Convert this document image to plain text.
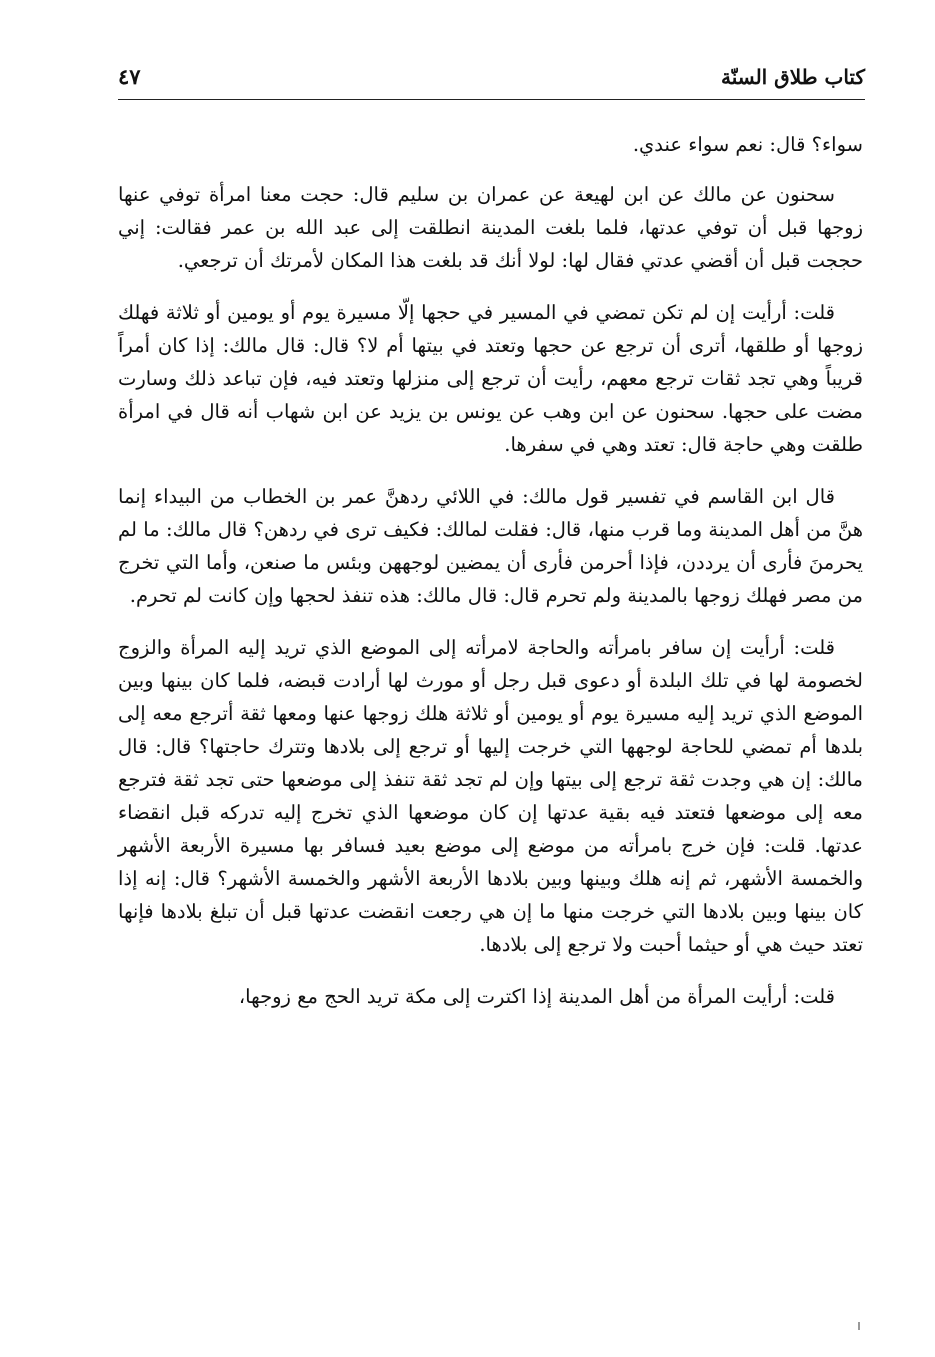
كتاب طلاق السنّة
٤٧

سواء؟ قال: نعم سواء عندي.

سحنون عن مالك عن ابن لهيعة عن عمران بن سليم قال: حجت معنا امرأة توفي عنها زوجها قبل أن توفي عدتها، فلما بلغت المدينة انطلقت إلى عبد الله بن عمر فقالت: إني حججت قبل أن أقضي عدتي فقال لها: لولا أنك قد بلغت هذا المكان لأمرتك أن ترجعي.

قلت: أرأيت إن لم تكن تمضي في المسير في حجها إلّا مسيرة يوم أو يومين أو ثلاثة فهلك زوجها أو طلقها، أترى أن ترجع عن حجها وتعتد في بيتها أم لا؟ قال: قال مالك: إذا كان أمراً قريباً وهي تجد ثقات ترجع معهم، رأيت أن ترجع إلى منزلها وتعتد فيه، فإن تباعد ذلك وسارت مضت على حجها. سحنون عن ابن وهب عن يونس بن يزيد عن ابن شهاب أنه قال في امرأة طلقت وهي حاجة قال: تعتد وهي في سفرها.

قال ابن القاسم في تفسير قول مالك: في اللائي ردهنَّ عمر بن الخطاب من البيداء إنما هنَّ من أهل المدينة وما قرب منها، قال: فقلت لمالك: فكيف ترى في ردهن؟ قال مالك: ما لم يحرمنَ فأرى أن يرددن، فإذا أحرمن فأرى أن يمضين لوجههن وبئس ما صنعن، وأما التي تخرج من مصر فهلك زوجها بالمدينة ولم تحرم قال: قال مالك: هذه تنفذ لحجها وإن كانت لم تحرم.

قلت: أرأيت إن سافر بامرأته والحاجة لامرأته إلى الموضع الذي تريد إليه المرأة والزوج لخصومة لها في تلك البلدة أو دعوى قبل رجل أو مورث لها أرادت قبضه، فلما كان بينها وبين الموضع الذي تريد إليه مسيرة يوم أو يومين أو ثلاثة هلك زوجها عنها ومعها ثقة أترجع معه إلى بلدها أم تمضي للحاجة لوجهها التي خرجت إليها أو ترجع إلى بلادها وتترك حاجتها؟ قال: قال مالك: إن هي وجدت ثقة ترجع إلى بيتها وإن لم تجد ثقة تنفذ إلى موضعها حتى تجد ثقة فترجع معه إلى موضعها فتعتد فيه بقية عدتها إن كان موضعها الذي تخرج إليه تدركه قبل انقضاء عدتها. قلت: فإن خرج بامرأته من موضع إلى موضع بعيد فسافر بها مسيرة الأربعة الأشهر والخمسة الأشهر، ثم إنه هلك وبينها وبين بلادها الأربعة الأشهر والخمسة الأشهر؟ قال: إنه إذا كان بينها وبين بلادها التي خرجت منها ما إن هي رجعت انقضت عدتها قبل أن تبلغ بلادها فإنها تعتد حيث هي أو حيثما أحبت ولا ترجع إلى بلادها.

قلت: أرأيت المرأة من أهل المدينة إذا اكترت إلى مكة تريد الحج مع زوجها،
